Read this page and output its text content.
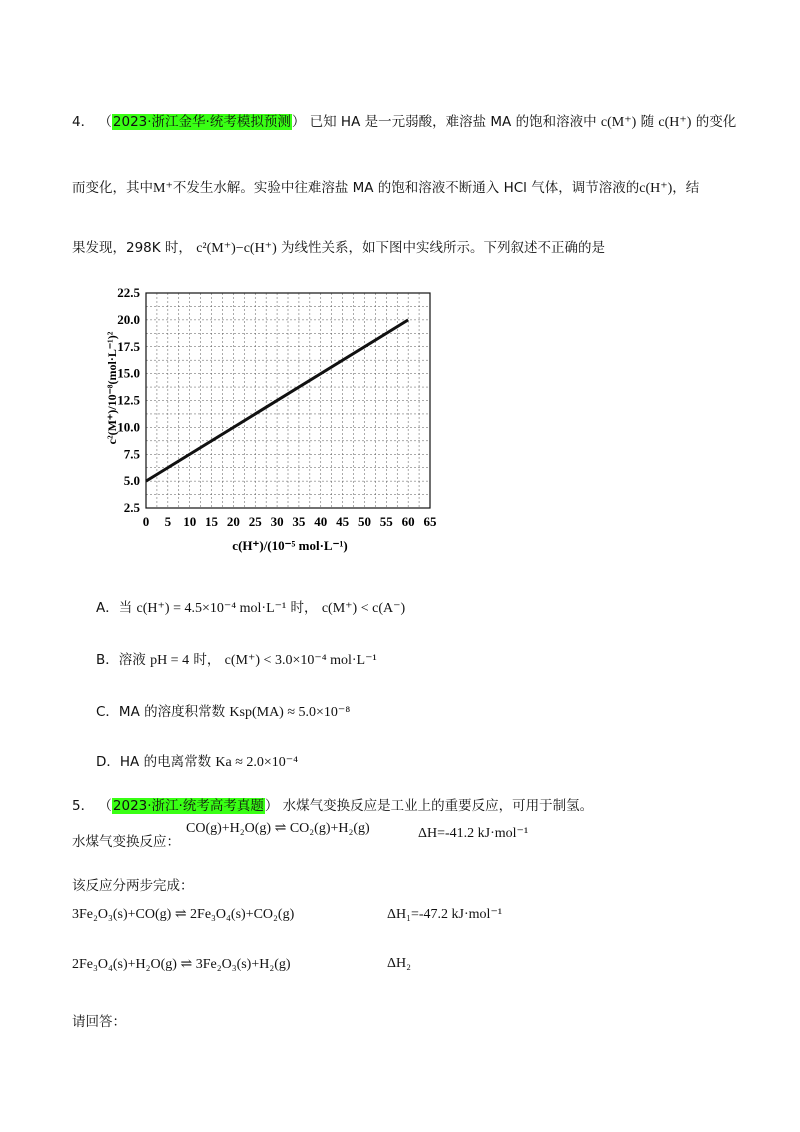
4． （2023·浙江金华·统考模拟预测） 已知 HA 是一元弱酸，难溶盐 MA 的饱和溶液中 c(M⁺) 随 c(H⁺) 的变化
而变化，其中M⁺不发生水解。实验中往难溶盐 MA 的饱和溶液不断通入 HCl 气体，调节溶液的c(H⁺)，结
果发现，298K 时， c²(M⁺)−c(H⁺) 为线性关系，如下图中实线所示。下列叙述不正确的是
0 5 10 15 20 25 30 35 40 45 50 55 60 65
2.5
5.0
7.5
10.0
12.5
15.0
17.5
20.0
22.5
c(H⁺)/(10⁻⁵ mol·L⁻¹)
c²(M⁺)/10⁻⁸(mol·L⁻¹)²
A．当 c(H⁺) = 4.5×10⁻⁴ mol·L⁻¹ 时， c(M⁺) < c(A⁻)
B．溶液 pH = 4 时， c(M⁺) < 3.0×10⁻⁴ mol·L⁻¹
C．MA 的溶度积常数 Ksp(MA) ≈ 5.0×10⁻⁸
D．HA 的电离常数 Ka ≈ 2.0×10⁻⁴
5． （2023·浙江·统考高考真题） 水煤气变换反应是工业上的重要反应，可用于制氢。
水煤气变换反应：
CO(g)+H₂O(g) ⇌ CO₂(g)+H₂(g)	ΔH=-41.2 kJ·mol⁻¹
该反应分两步完成：
3Fe₂O₃(s)+CO(g) ⇌ 2Fe₃O₄(s)+CO₂(g)	ΔH₁=-47.2 kJ·mol⁻¹
2Fe₃O₄(s)+H₂O(g) ⇌ 3Fe₂O₃(s)+H₂(g)	ΔH₂
请回答：
